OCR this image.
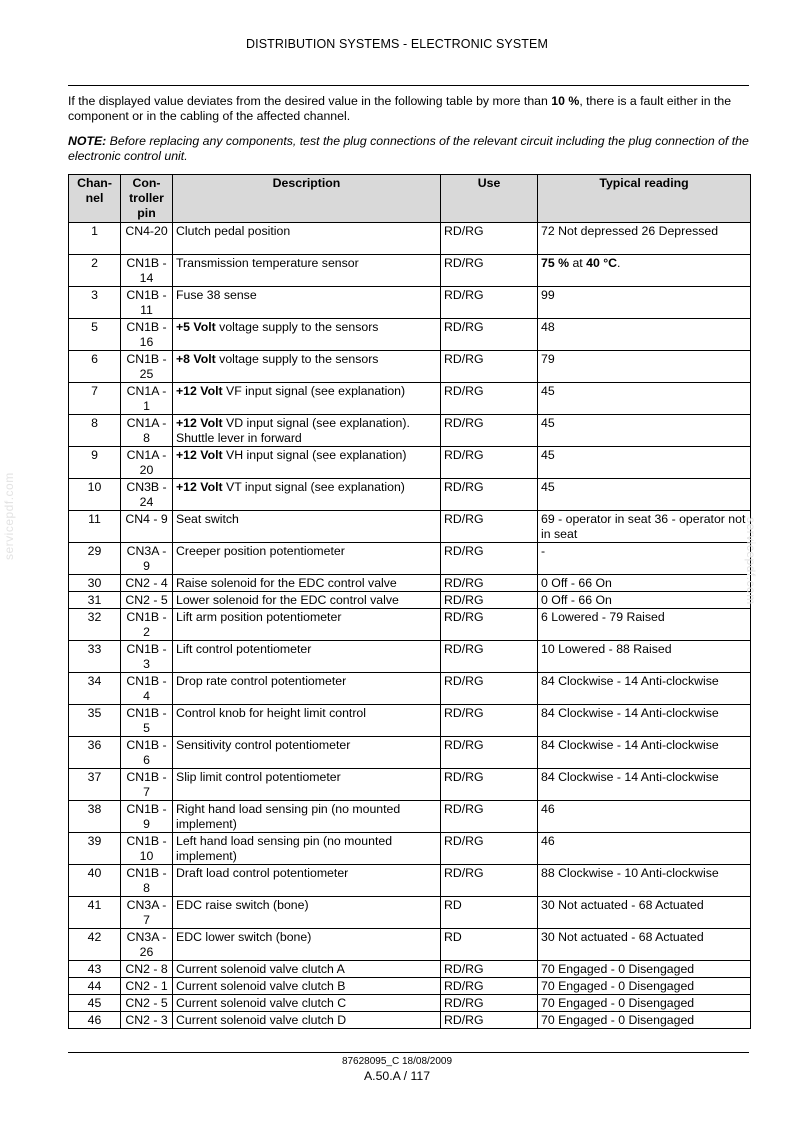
DISTRIBUTION SYSTEMS - ELECTRONIC SYSTEM
If the displayed value deviates from the desired value in the following table by more than 10 %, there is a fault either in the component or in the cabling of the affected channel.
NOTE: Before replacing any components, test the plug connections of the relevant circuit including the plug connection of the electronic control unit.
Chan-nel	Con-troller pin	Description	Use	Typical reading
1	CN4-20	Clutch pedal position	RD/RG	72 Not depressed 26 Depressed
2	CN1B - 14	Transmission temperature sensor	RD/RG	75 % at 40 °C.
3	CN1B - 11	Fuse 38 sense	RD/RG	99
5	CN1B - 16	+5 Volt voltage supply to the sensors	RD/RG	48
6	CN1B - 25	+8 Volt voltage supply to the sensors	RD/RG	79
7	CN1A - 1	+12 Volt VF input signal (see explanation)	RD/RG	45
8	CN1A - 8	+12 Volt VD input signal (see explanation). Shuttle lever in forward	RD/RG	45
9	CN1A - 20	+12 Volt VH input signal (see explanation)	RD/RG	45
10	CN3B - 24	+12 Volt VT input signal (see explanation)	RD/RG	45
11	CN4 - 9	Seat switch	RD/RG	69 - operator in seat 36 - operator not in seat
29	CN3A - 9	Creeper position potentiometer	RD/RG	-
30	CN2 - 4	Raise solenoid for the EDC control valve	RD/RG	0 Off - 66 On
31	CN2 - 5	Lower solenoid for the EDC control valve	RD/RG	0 Off - 66 On
32	CN1B - 2	Lift arm position potentiometer	RD/RG	6 Lowered - 79 Raised
33	CN1B - 3	Lift control potentiometer	RD/RG	10 Lowered - 88 Raised
34	CN1B - 4	Drop rate control potentiometer	RD/RG	84 Clockwise - 14 Anti-clockwise
35	CN1B - 5	Control knob for height limit control	RD/RG	84 Clockwise - 14 Anti-clockwise
36	CN1B - 6	Sensitivity control potentiometer	RD/RG	84 Clockwise - 14 Anti-clockwise
37	CN1B - 7	Slip limit control potentiometer	RD/RG	84 Clockwise - 14 Anti-clockwise
38	CN1B - 9	Right hand load sensing pin (no mounted implement)	RD/RG	46
39	CN1B - 10	Left hand load sensing pin (no mounted implement)	RD/RG	46
40	CN1B - 8	Draft load control potentiometer	RD/RG	88 Clockwise - 10 Anti-clockwise
41	CN3A - 7	EDC raise switch (bone)	RD	30 Not actuated - 68 Actuated
42	CN3A - 26	EDC lower switch (bone)	RD	30 Not actuated - 68 Actuated
43	CN2 - 8	Current solenoid valve clutch A	RD/RG	70 Engaged - 0 Disengaged
44	CN2 - 1	Current solenoid valve clutch B	RD/RG	70 Engaged - 0 Disengaged
45	CN2 - 5	Current solenoid valve clutch C	RD/RG	70 Engaged - 0 Disengaged
46	CN2 - 3	Current solenoid valve clutch D	RD/RG	70 Engaged - 0 Disengaged
87628095_C 18/08/2009
A.50.A / 117
servicepdf.com
servicepdf.com
